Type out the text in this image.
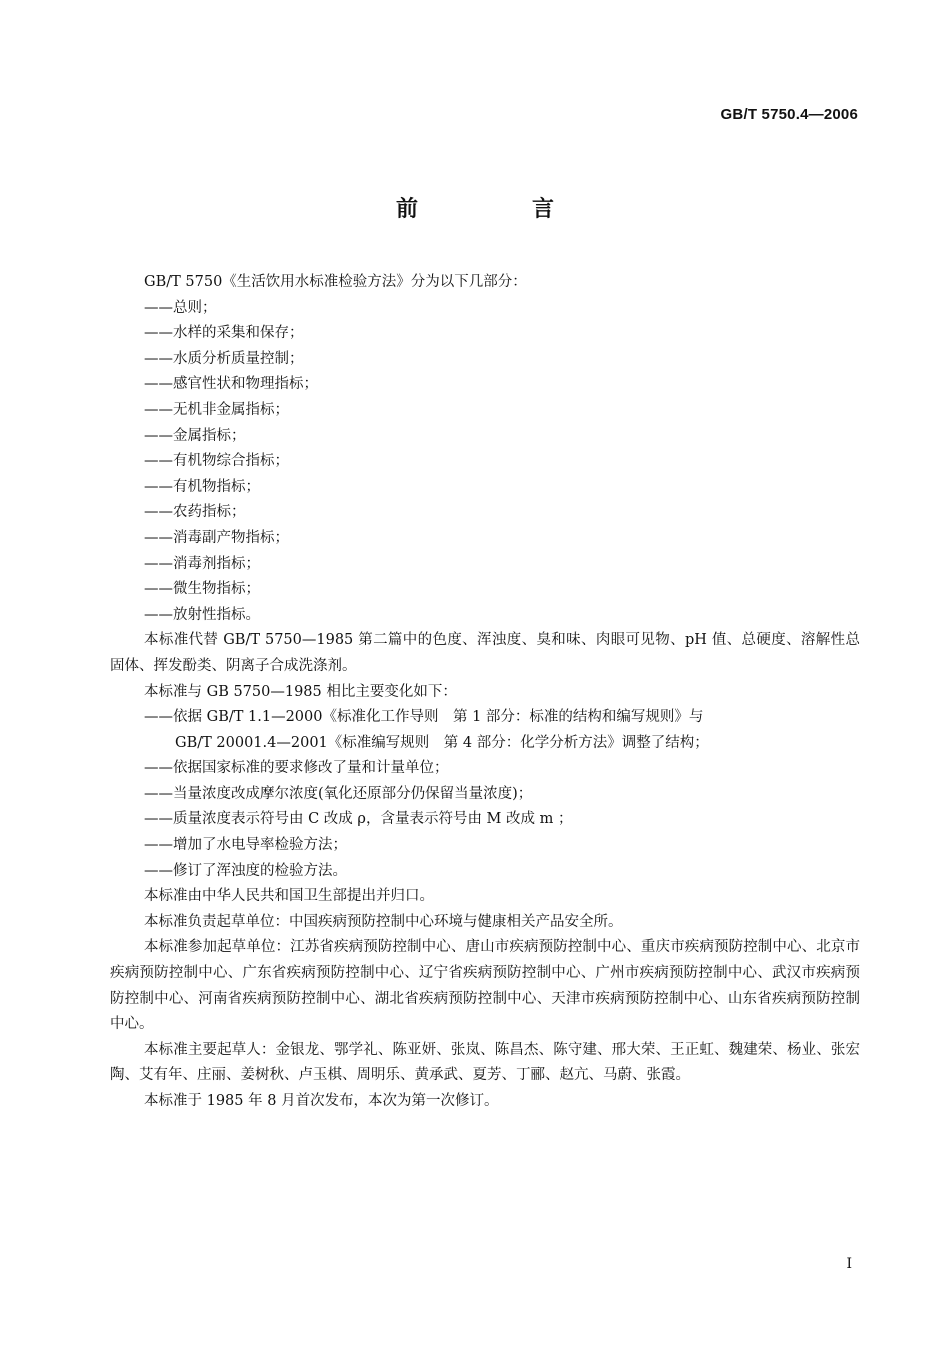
GB/T 5750.4—2006
前　言
GB/T 5750《生活饮用水标准检验方法》分为以下几部分：
——总则；
——水样的采集和保存；
——水质分析质量控制；
——感官性状和物理指标；
——无机非金属指标；
——金属指标；
——有机物综合指标；
——有机物指标；
——农药指标；
——消毒副产物指标；
——消毒剂指标；
——微生物指标；
——放射性指标。
本标准代替 GB/T 5750—1985 第二篇中的色度、浑浊度、臭和味、肉眼可见物、pH 值、总硬度、溶解性总固体、挥发酚类、阴离子合成洗涤剂。
本标准与 GB 5750—1985 相比主要变化如下：
——依据 GB/T 1.1—2000《标准化工作导则　第 1 部分：标准的结构和编写规则》与
GB/T 20001.4—2001《标准编写规则　第 4 部分：化学分析方法》调整了结构；
——依据国家标准的要求修改了量和计量单位；
——当量浓度改成摩尔浓度(氧化还原部分仍保留当量浓度)；
——质量浓度表示符号由 C 改成 ρ，含量表示符号由 M 改成 m ；
——增加了水电导率检验方法；
——修订了浑浊度的检验方法。
本标准由中华人民共和国卫生部提出并归口。
本标准负责起草单位：中国疾病预防控制中心环境与健康相关产品安全所。
本标准参加起草单位：江苏省疾病预防控制中心、唐山市疾病预防控制中心、重庆市疾病预防控制中心、北京市疾病预防控制中心、广东省疾病预防控制中心、辽宁省疾病预防控制中心、广州市疾病预防控制中心、武汉市疾病预防控制中心、河南省疾病预防控制中心、湖北省疾病预防控制中心、天津市疾病预防控制中心、山东省疾病预防控制中心。
本标准主要起草人：金银龙、鄂学礼、陈亚妍、张岚、陈昌杰、陈守建、邢大荣、王正虹、魏建荣、杨业、张宏陶、艾有年、庄丽、姜树秋、卢玉棋、周明乐、黄承武、夏芳、丁郦、赵亢、马蔚、张霞。
本标准于 1985 年 8 月首次发布，本次为第一次修订。
I
